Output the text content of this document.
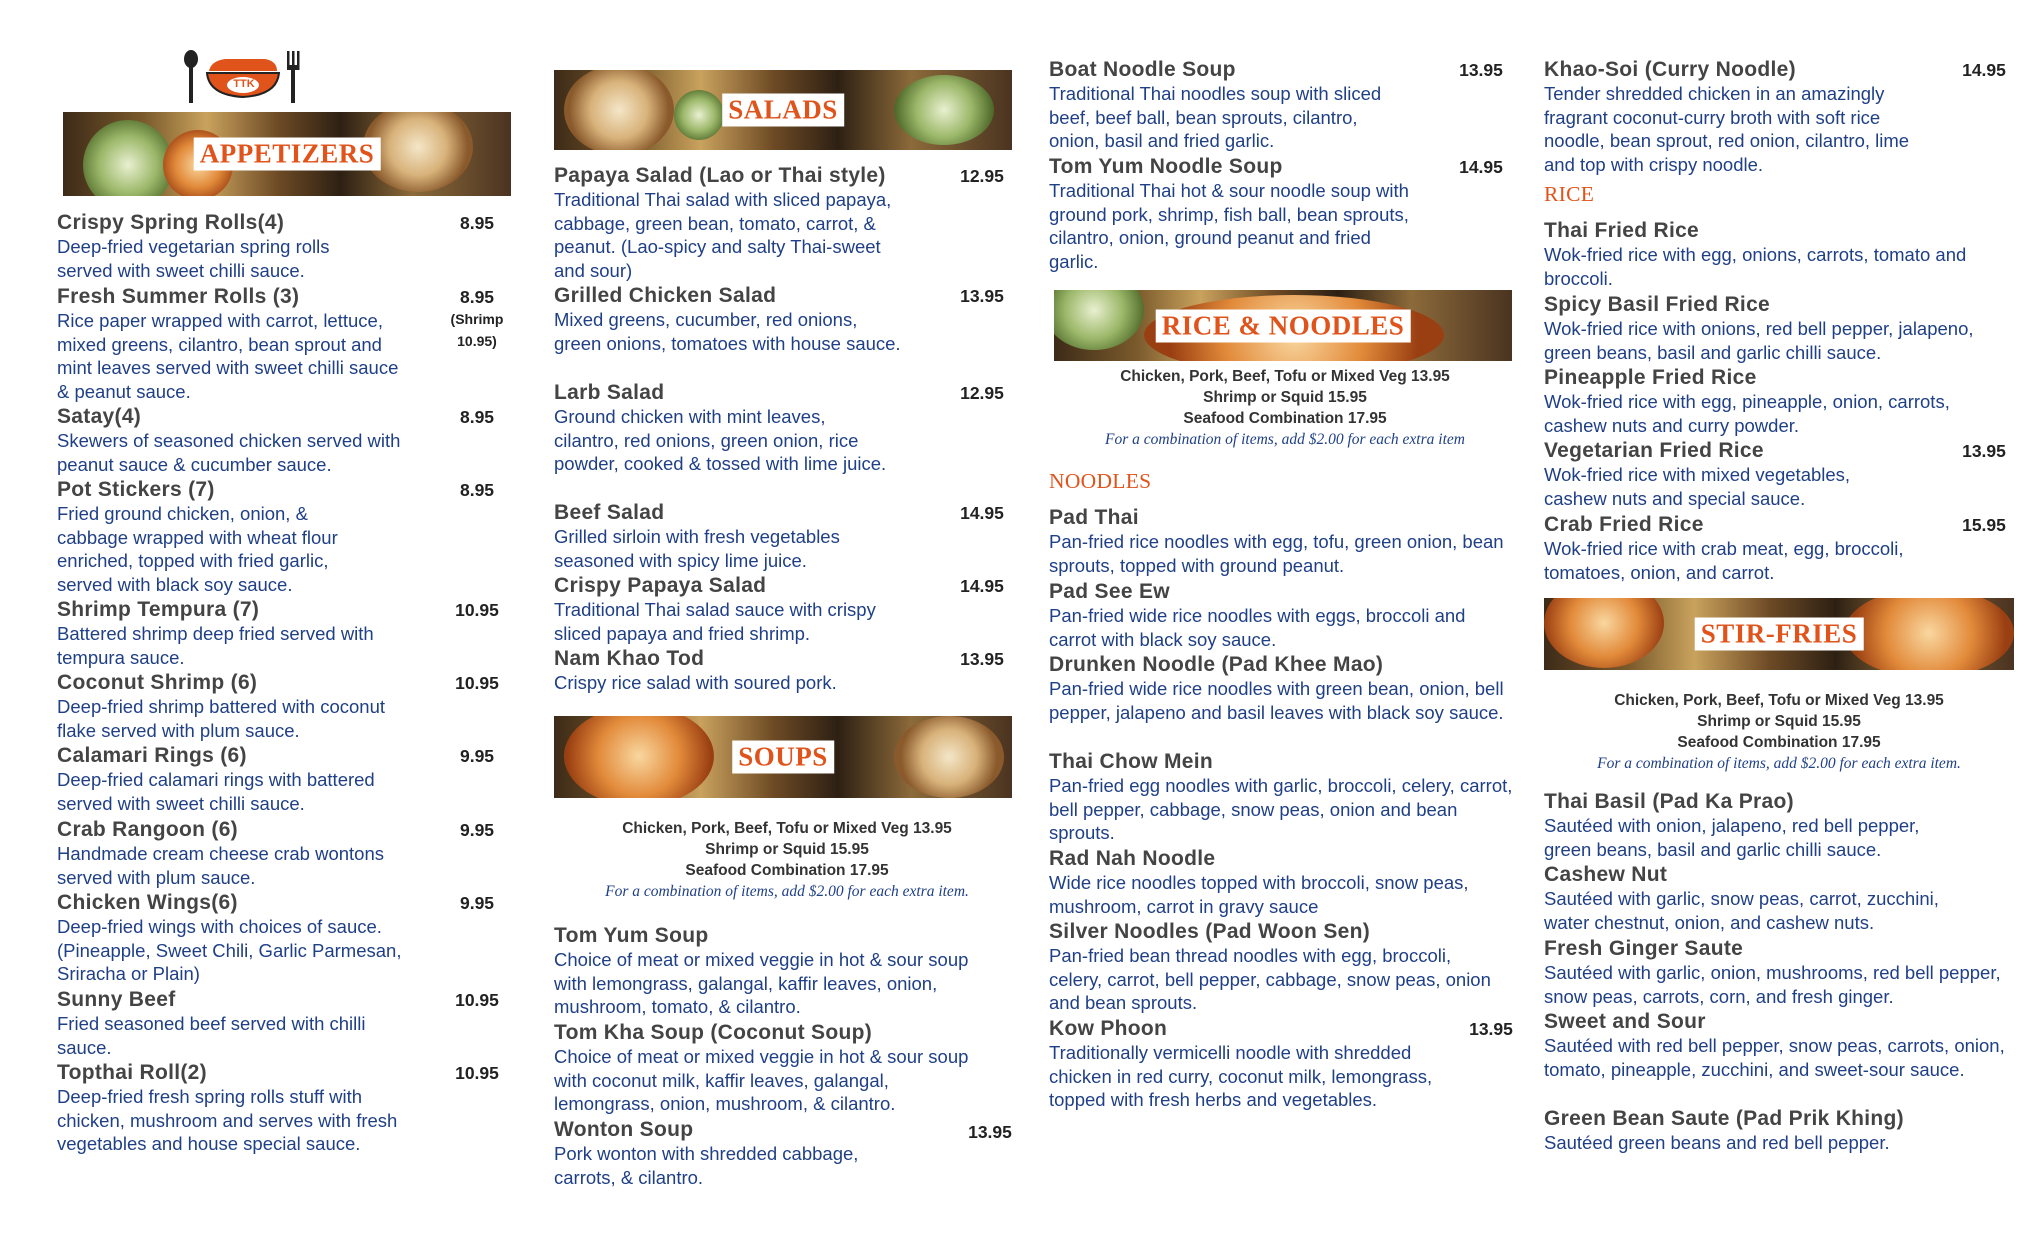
TTK
APPETIZERS
Crispy Spring Rolls(4)
Deep-fried vegetarian spring rolls served with sweet chilli sauce.
8.95
Fresh Summer Rolls (3)
Rice paper wrapped with carrot, lettuce, mixed greens, cilantro, bean sprout and mint leaves served with sweet chilli sauce & peanut sauce.
8.95
(Shrimp 10.95)
Satay(4)
Skewers of seasoned chicken served with peanut sauce & cucumber sauce.
8.95
Pot Stickers (7)
Fried ground chicken, onion, & cabbage wrapped with wheat flour enriched, topped with fried garlic, served with black soy sauce.
8.95
Shrimp Tempura (7)
Battered shrimp deep fried served with tempura sauce.
10.95
Coconut Shrimp (6)
Deep-fried shrimp battered with coconut flake served with plum sauce.
10.95
Calamari Rings (6)
Deep-fried calamari rings with battered served with sweet chilli sauce.
9.95
Crab Rangoon (6)
Handmade cream cheese crab wontons served with plum sauce.
9.95
Chicken Wings(6)
Deep-fried wings with choices of sauce.(Pineapple, Sweet Chili, Garlic Parmesan, Sriracha or Plain)
9.95
Sunny Beef
Fried seasoned beef served with chilli sauce.
10.95
Topthai Roll(2)
Deep-fried fresh spring rolls stuff with chicken, mushroom and serves with fresh vegetables and house special sauce.
10.95
SALADS
Papaya Salad (Lao or Thai style)
Traditional Thai salad with sliced papaya, cabbage, green bean, tomato, carrot, & peanut. (Lao-spicy and salty Thai-sweet and sour)
12.95
Grilled Chicken Salad
Mixed greens, cucumber, red onions, green onions, tomatoes with house sauce.
13.95
Larb Salad
Ground chicken with mint leaves, cilantro, red onions, green onion, rice powder, cooked & tossed with lime juice.
12.95
Beef Salad
Grilled sirloin with fresh vegetables seasoned with spicy lime juice.
14.95
Crispy Papaya Salad
Traditional Thai salad sauce with crispy sliced papaya and fried shrimp.
14.95
Nam Khao Tod
Crispy rice salad with soured pork.
13.95
SOUPS
Chicken, Pork, Beef, Tofu or Mixed Veg 13.95
Shrimp or Squid 15.95
Seafood Combination 17.95
For a combination of items, add $2.00 for each extra item.
Tom Yum Soup
Choice of meat or mixed veggie in hot & sour soup with lemongrass, galangal, kaffir leaves, onion, mushroom, tomato, & cilantro.
Tom Kha Soup (Coconut Soup)
Choice of meat or mixed veggie in hot & sour soup with coconut milk, kaffir leaves, galangal, lemongrass, onion, mushroom, & cilantro.
Wonton Soup
Pork wonton with shredded cabbage, carrots, & cilantro.
13.95
Boat Noodle Soup
Traditional Thai noodles soup with sliced beef, beef ball, bean sprouts, cilantro, onion, basil and fried garlic.
13.95
Tom Yum Noodle Soup
Traditional Thai hot & sour noodle soup with ground pork, shrimp, fish ball, bean sprouts, cilantro, onion, ground peanut and fried garlic.
14.95
RICE & NOODLES
Chicken, Pork, Beef, Tofu or Mixed Veg 13.95
Shrimp or Squid 15.95
Seafood Combination 17.95
For a combination of items, add $2.00 for each extra item
NOODLES
Pad Thai
Pan-fried rice noodles with egg, tofu, green onion, bean sprouts, topped with ground peanut.
Pad See Ew
Pan-fried wide rice noodles with eggs, broccoli and carrot with black soy sauce.
Drunken Noodle (Pad Khee Mao)
Pan-fried wide rice noodles with green bean, onion, bell pepper, jalapeno and basil leaves with black soy sauce.
Thai Chow Mein
Pan-fried egg noodles with garlic, broccoli, celery, carrot, bell pepper, cabbage, snow peas, onion and bean sprouts.
Rad Nah Noodle
Wide rice noodles topped with broccoli, snow peas, mushroom, carrot in gravy sauce
Silver Noodles (Pad Woon Sen)
Pan-fried bean thread noodles with egg, broccoli, celery, carrot, bell pepper, cabbage, snow peas, onion and bean sprouts.
Kow Phoon
Traditionally vermicelli noodle with shredded chicken in red curry, coconut milk, lemongrass, topped with fresh herbs and vegetables.
13.95
Khao-Soi (Curry Noodle)
Tender shredded chicken in an amazingly fragrant coconut-curry broth with soft rice noodle, bean sprout, red onion, cilantro, lime and top with crispy noodle.
14.95
RICE
Thai Fried Rice
Wok-fried rice with egg, onions, carrots, tomato and broccoli.
Spicy Basil Fried Rice
Wok-fried rice with onions, red bell pepper, jalapeno, green beans, basil and garlic chilli sauce.
Pineapple Fried Rice
Wok-fried rice with egg, pineapple, onion, carrots, cashew nuts and curry powder.
Vegetarian Fried Rice
Wok-fried rice with mixed vegetables, cashew nuts and special sauce.
13.95
Crab Fried Rice
Wok-fried rice with crab meat, egg, broccoli, tomatoes, onion, and carrot.
15.95
STIR-FRIES
Chicken, Pork, Beef, Tofu or Mixed Veg 13.95
Shrimp or Squid 15.95
Seafood Combination 17.95
For a combination of items, add $2.00 for each extra item.
Thai Basil (Pad Ka Prao)
Sautéed with onion, jalapeno, red bell pepper, green beans, basil and garlic chilli sauce.
Cashew Nut
Sautéed with garlic, snow peas, carrot, zucchini, water chestnut, onion, and cashew nuts.
Fresh Ginger Saute
Sautéed with garlic, onion, mushrooms, red bell pepper, snow peas, carrots, corn, and fresh ginger.
Sweet and Sour
Sautéed with red bell pepper, snow peas, carrots, onion, tomato, pineapple, zucchini, and sweet-sour sauce.
Green Bean Saute (Pad Prik Khing)
Sautéed green beans and red bell pepper.
